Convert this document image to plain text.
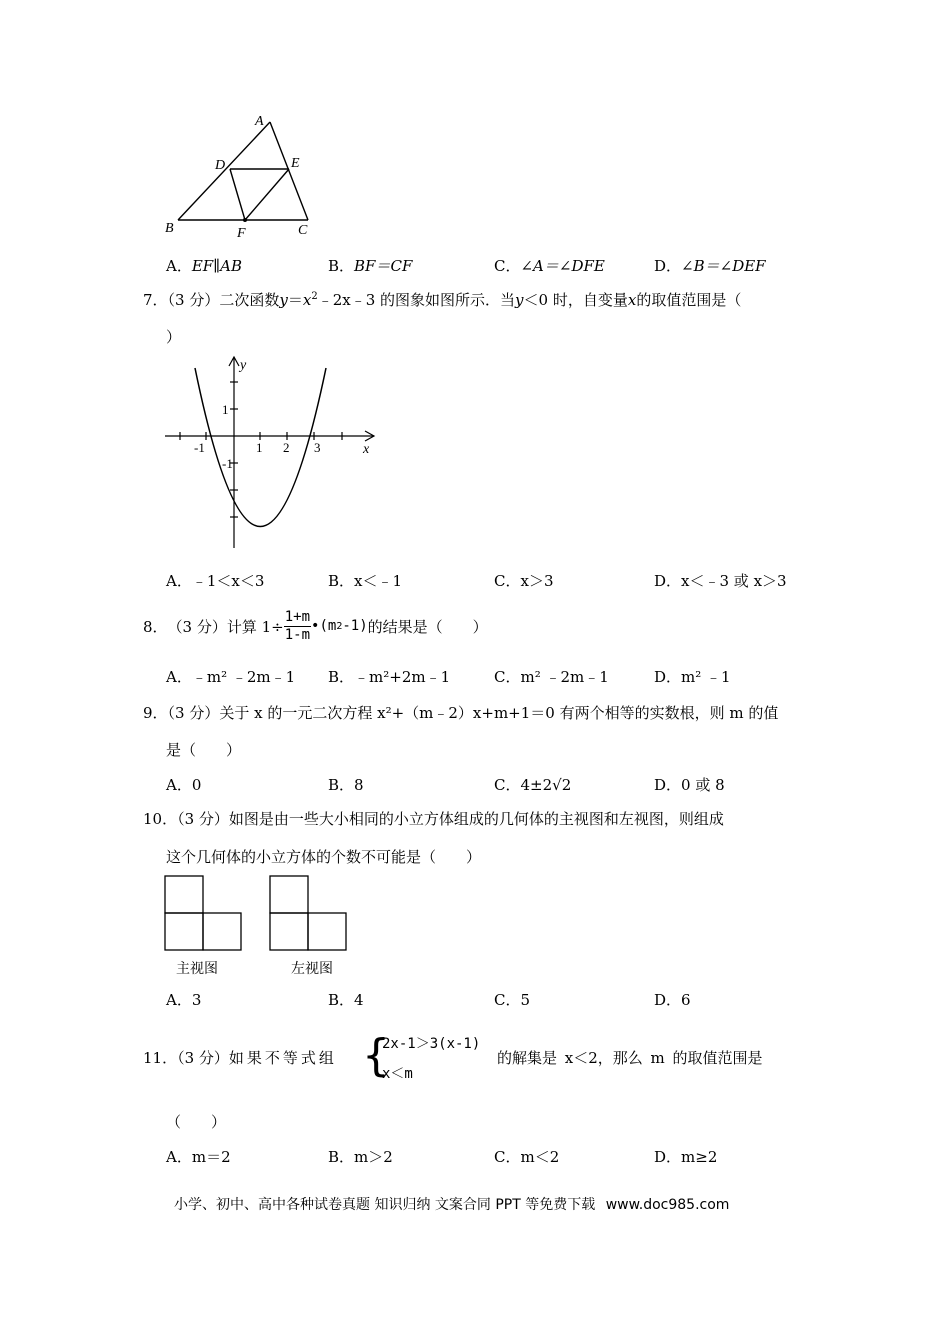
A
D	E
B	F	C
A．EF∥AB	B．BF＝CF	C．∠A＝∠DFE	D．∠B＝∠DEF
7．（3 分）二次函数$y=x^2﹣2x﹣3$ 的图象如图所示．当y＜0 时，自变量x的取值范围是（
）
y
x
-1	1 2 3
1
-1
A．﹣1＜x＜3	B．x＜﹣1	C．x＞3	D．x＜﹣3 或 x＞3
8． （3 分） 计算 $1\div \frac{1+m}{1-m}$ •(m 2 -1) 的结果是（　　）
A．﹣m² ﹣2m﹣1 B．﹣m²+2m﹣1	C．m² ﹣2m﹣1	D．m² ﹣1
9．（3 分）关于 x 的一元二次方程 x²+（m﹣2）x+m+1＝0 有两个相等的实数根，则 m 的值
是（　　）
A．0	B．8	C．4±2√2	D．0 或 8
10．（3 分）如图是由一些大小相同的小立方体组成的几何体的主视图和左视图，则组成
这个几何体的小立方体的个数不可能是（　　）
主视图	左视图
A．3	B．4	C．5	D．6
11．（3 分）如果不等式组 {
2x-1＞3(x-1)
x＜m
的解集是 x＜2，那么 m 的取值范围是
（　　）
A．m＝2	B．m＞2	C．m＜2	D．m≥2
小学、初中、高中各种试卷真题 知识归纳 文案合同 PPT 等免费下载 www.doc985.com
